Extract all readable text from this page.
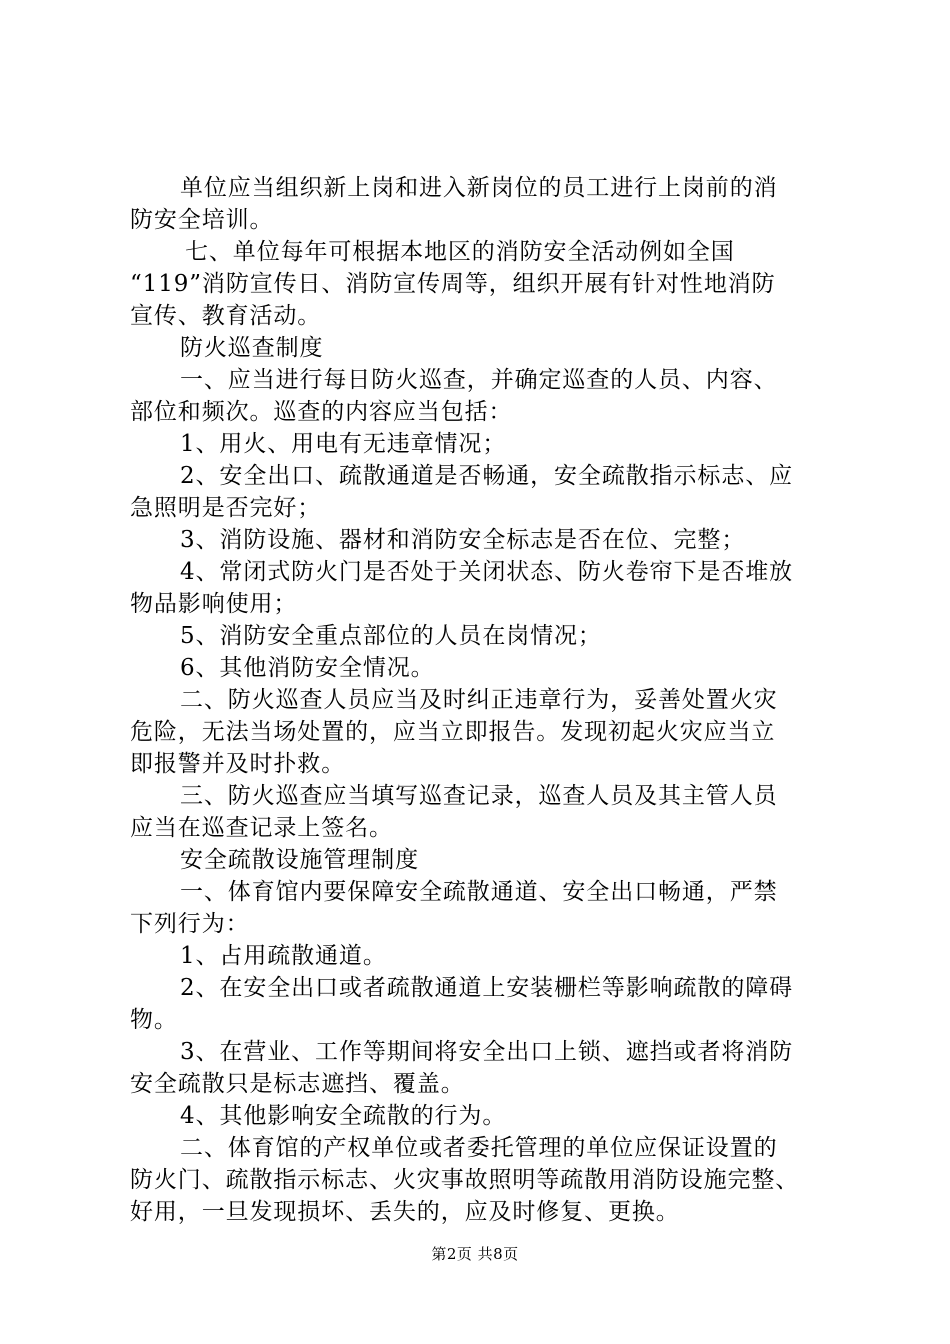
单位应当组织新上岗和进入新岗位的员工进行上岗前的消
防安全培训。
七、单位每年可根据本地区的消防安全活动例如全国
“119”消防宣传日、消防宣传周等，组织开展有针对性地消防
宣传、教育活动。
防火巡查制度
一、应当进行每日防火巡查，并确定巡查的人员、内容、
部位和频次。巡查的内容应当包括：
1、用火、用电有无违章情况；
2、安全出口、疏散通道是否畅通，安全疏散指示标志、应
急照明是否完好；
3、消防设施、器材和消防安全标志是否在位、完整；
4、常闭式防火门是否处于关闭状态、防火卷帘下是否堆放
物品影响使用；
5、消防安全重点部位的人员在岗情况；
6、其他消防安全情况。
二、防火巡查人员应当及时纠正违章行为，妥善处置火灾
危险，无法当场处置的，应当立即报告。发现初起火灾应当立
即报警并及时扑救。
三、防火巡查应当填写巡查记录，巡查人员及其主管人员
应当在巡查记录上签名。
安全疏散设施管理制度
一、体育馆内要保障安全疏散通道、安全出口畅通，严禁
下列行为：
1、占用疏散通道。
2、在安全出口或者疏散通道上安装栅栏等影响疏散的障碍
物。
3、在营业、工作等期间将安全出口上锁、遮挡或者将消防
安全疏散只是标志遮挡、覆盖。
4、其他影响安全疏散的行为。
二、体育馆的产权单位或者委托管理的单位应保证设置的
防火门、疏散指示标志、火灾事故照明等疏散用消防设施完整、
好用，一旦发现损坏、丢失的，应及时修复、更换。
第2页 共8页
